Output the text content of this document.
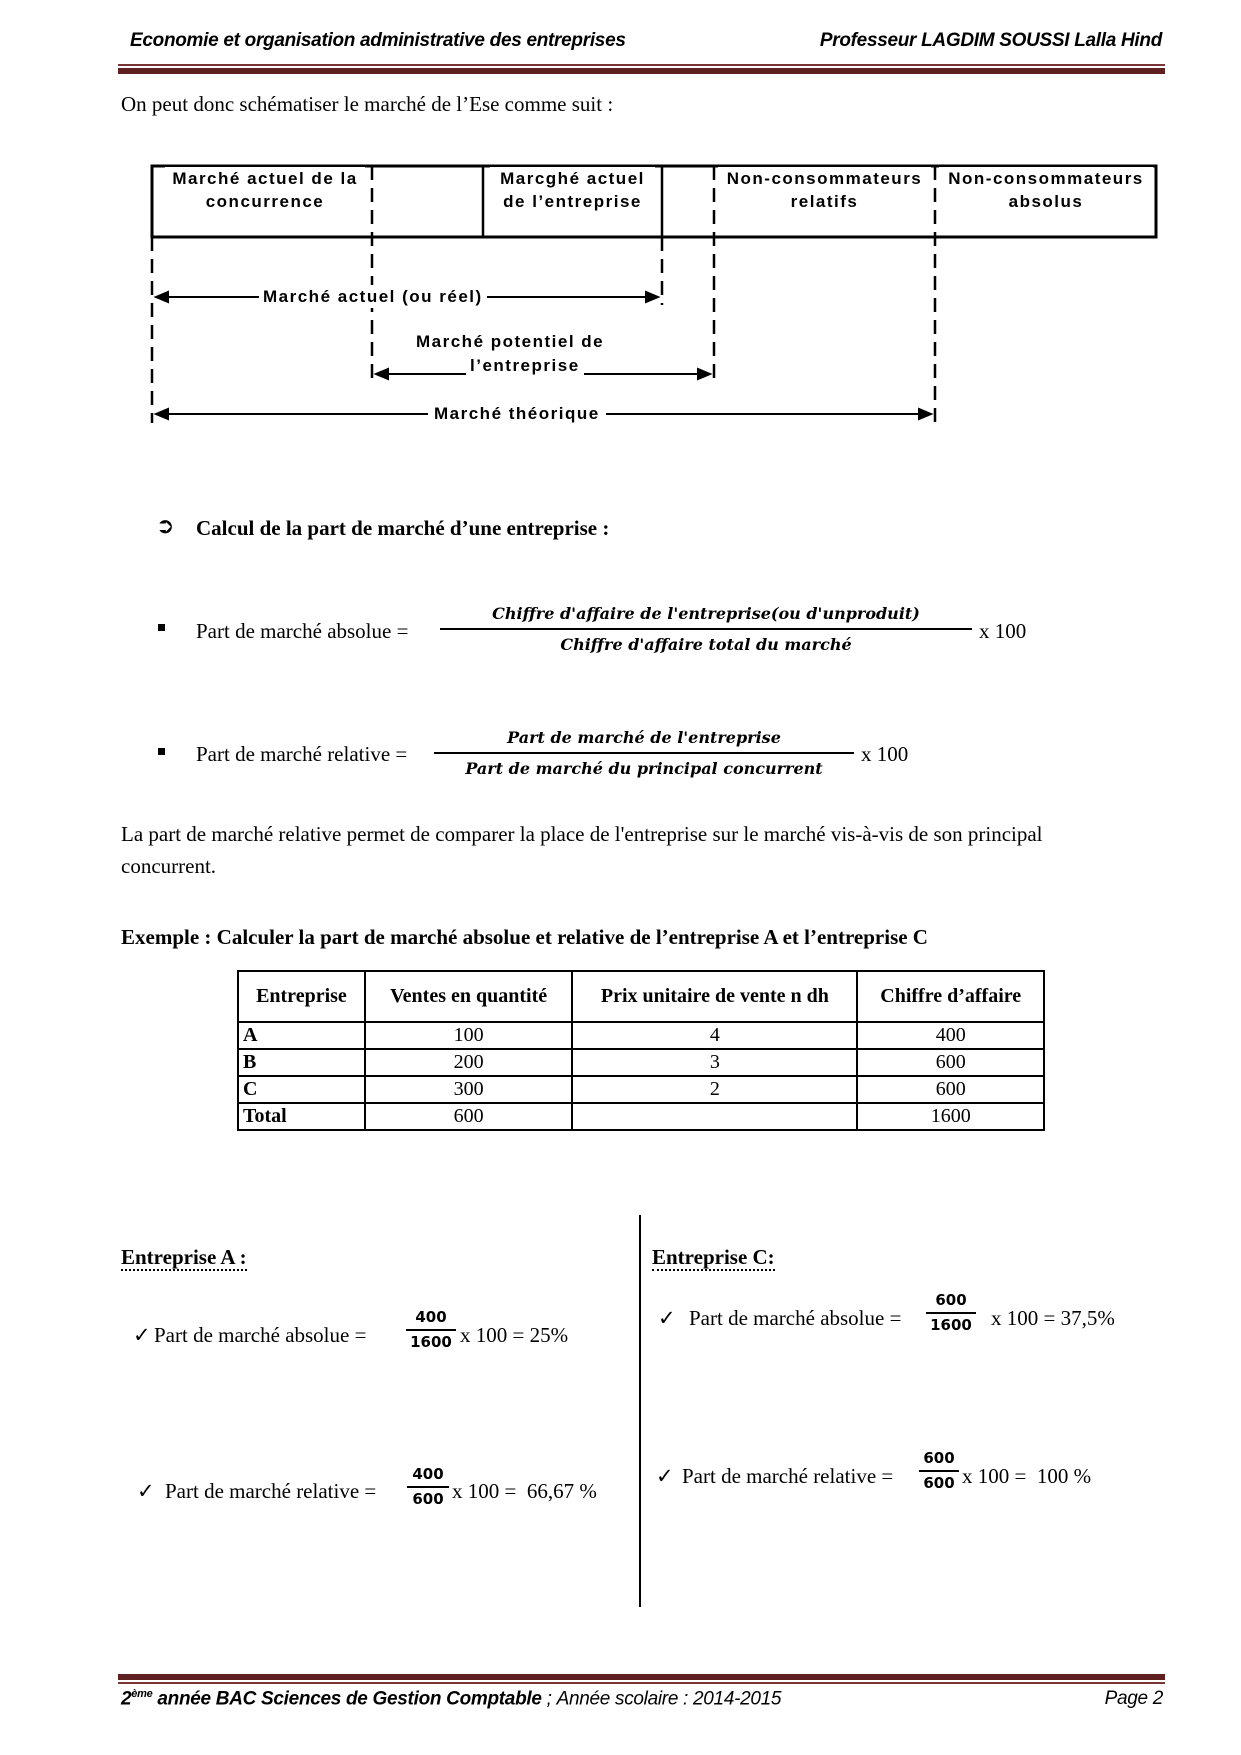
Economie et organisation administrative des entreprises	Professeur LAGDIM SOUSSI Lalla Hind
On peut donc schématiser le marché de l’Ese comme suit :
Marché actuel de la concurrence
Marcghé actuel de l’entreprise
Non-consommateurs relatifs
Non-consommateurs absolus
Marché actuel (ou réel)
Marché potentiel de
l’entreprise
Marché théorique
➲ Calcul de la part de marché d’une entreprise :
Part de marché absolue =
Chiffre d'affaire de l'entreprise(ou d'unproduit)
Chiffre d'affaire total du marché
x 100
Part de marché relative =
Part de marché de l'entreprise
Part de marché du principal concurrent
x 100
La part de marché relative permet de comparer la place de l'entreprise sur le marché vis-à-vis de son principal concurrent.
Exemple : Calculer la part de marché absolue et relative de l’entreprise A et l’entreprise C
Entreprise	Ventes en quantité	Prix unitaire de vente n dh	Chiffre d’affaire
A	100	4	400
B	200	3	600
C	300	2	600
Total	600		1600
Entreprise A :
✓ Part de marché absolue =
400
1600 x 100 = 25%
✓ Part de marché relative =
400
600 x 100 =  66,67 %
Entreprise C:
✓ Part de marché absolue =
600
1600 x 100 = 37,5%
✓ Part de marché relative =
600
600 x 100 =  100 %
2ème année BAC Sciences de Gestion Comptable ; Année scolaire : 2014-2015	Page 2
